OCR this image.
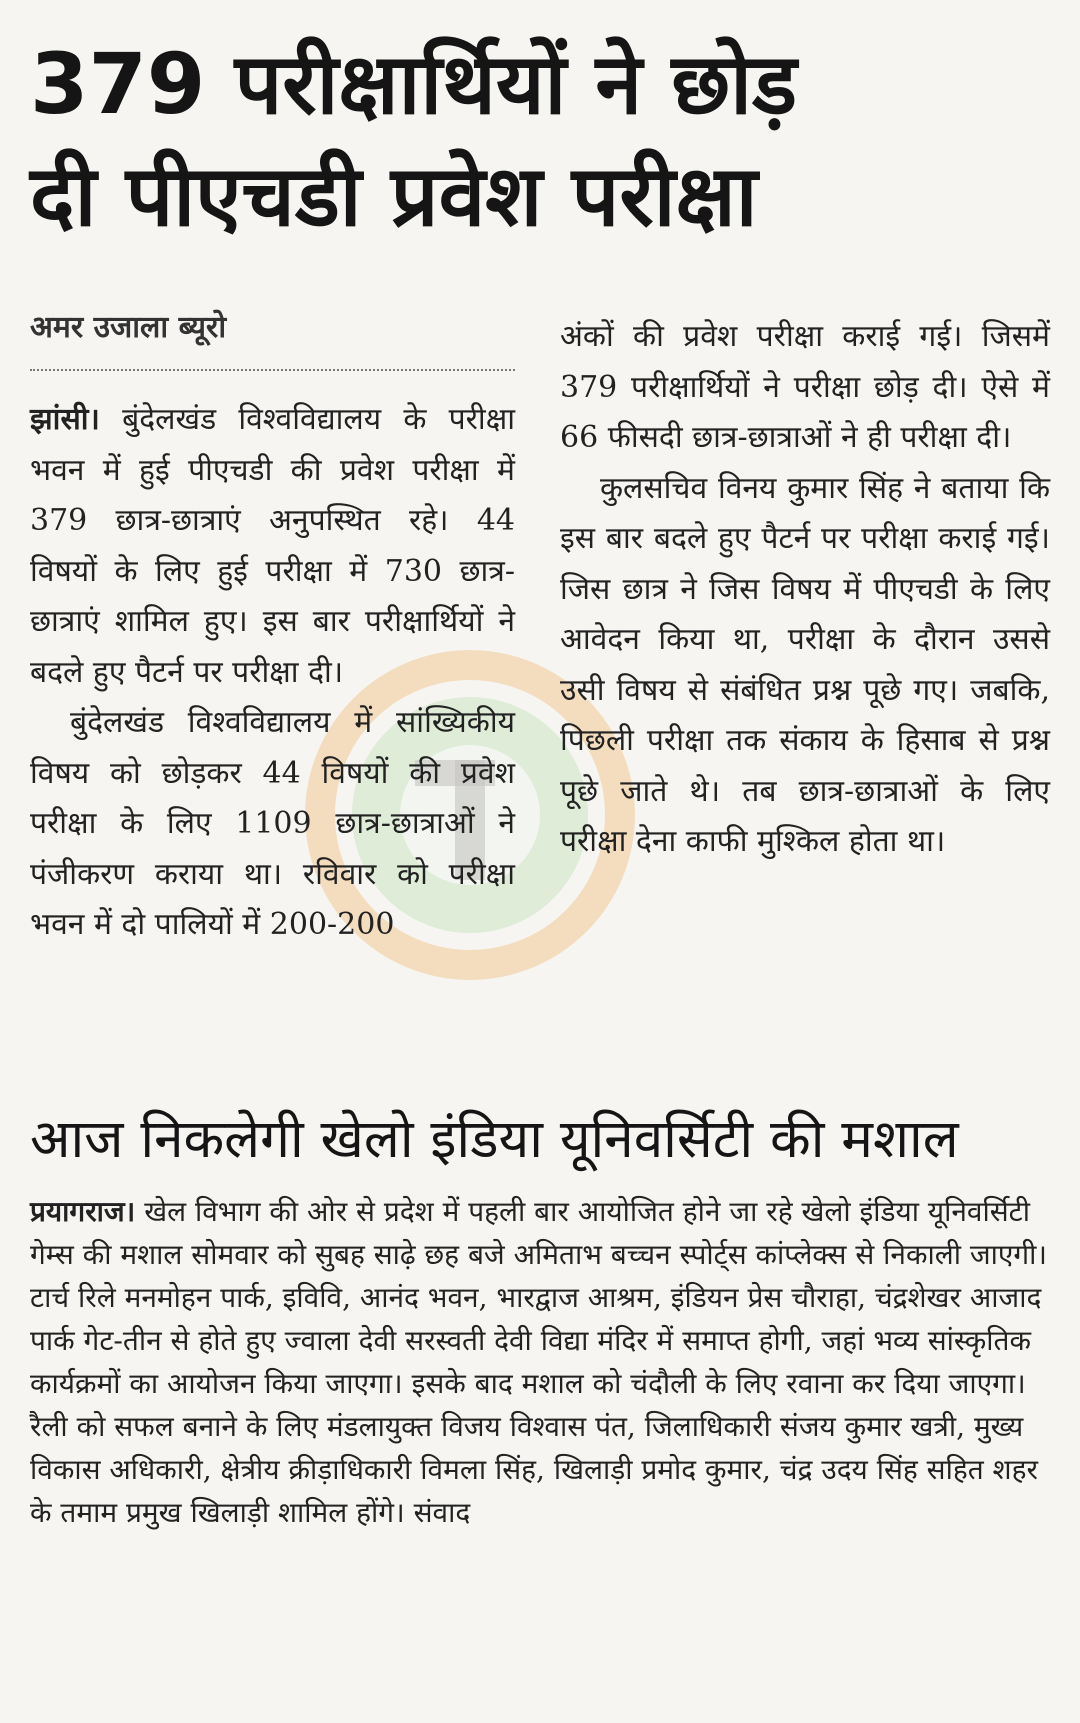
379 परीक्षार्थियों ने छोड़
दी पीएचडी प्रवेश परीक्षा

अमर उजाला ब्यूरो

झांसी। बुंदेलखंड विश्वविद्यालय के परीक्षा भवन में हुई पीएचडी की प्रवेश परीक्षा में 379 छात्र-छात्राएं अनुपस्थित रहे। 44 विषयों के लिए हुई परीक्षा में 730 छात्र-छात्राएं शामिल हुए। इस बार परीक्षार्थियों ने बदले हुए पैटर्न पर परीक्षा दी।

बुंदेलखंड विश्वविद्यालय में सांख्यिकीय विषय को छोड़कर 44 विषयों की प्रवेश परीक्षा के लिए 1109 छात्र-छात्राओं ने पंजीकरण कराया था। रविवार को परीक्षा भवन में दो पालियों में 200-200

अंकों की प्रवेश परीक्षा कराई गई। जिसमें 379 परीक्षार्थियों ने परीक्षा छोड़ दी। ऐसे में 66 फीसदी छात्र-छात्राओं ने ही परीक्षा दी।

कुलसचिव विनय कुमार सिंह ने बताया कि इस बार बदले हुए पैटर्न पर परीक्षा कराई गई। जिस छात्र ने जिस विषय में पीएचडी के लिए आवेदन किया था, परीक्षा के दौरान उससे उसी विषय से संबंधित प्रश्न पूछे गए। जबकि, पिछली परीक्षा तक संकाय के हिसाब से प्रश्न पूछे जाते थे। तब छात्र-छात्राओं के लिए परीक्षा देना काफी मुश्किल होता था।

आज निकलेगी खेलो इंडिया यूनिवर्सिटी की मशाल

प्रयागराज। खेल विभाग की ओर से प्रदेश में पहली बार आयोजित होने जा रहे खेलो इंडिया यूनिवर्सिटी गेम्स की मशाल सोमवार को सुबह साढ़े छह बजे अमिताभ बच्चन स्पोर्ट्स कांप्लेक्स से निकाली जाएगी। टार्च रिले मनमोहन पार्क, इविवि, आनंद भवन, भारद्वाज आश्रम, इंडियन प्रेस चौराहा, चंद्रशेखर आजाद पार्क गेट-तीन से होते हुए ज्वाला देवी सरस्वती देवी विद्या मंदिर में समाप्त होगी, जहां भव्य सांस्कृतिक कार्यक्रमों का आयोजन किया जाएगा। इसके बाद मशाल को चंदौली के लिए रवाना कर दिया जाएगा। रैली को सफल बनाने के लिए मंडलायुक्त विजय विश्वास पंत, जिलाधिकारी संजय कुमार खत्री, मुख्य विकास अधिकारी, क्षेत्रीय क्रीड़ाधिकारी विमला सिंह, खिलाड़ी प्रमोद कुमार, चंद्र उदय सिंह सहित शहर के तमाम प्रमुख खिलाड़ी शामिल होंगे। संवाद
